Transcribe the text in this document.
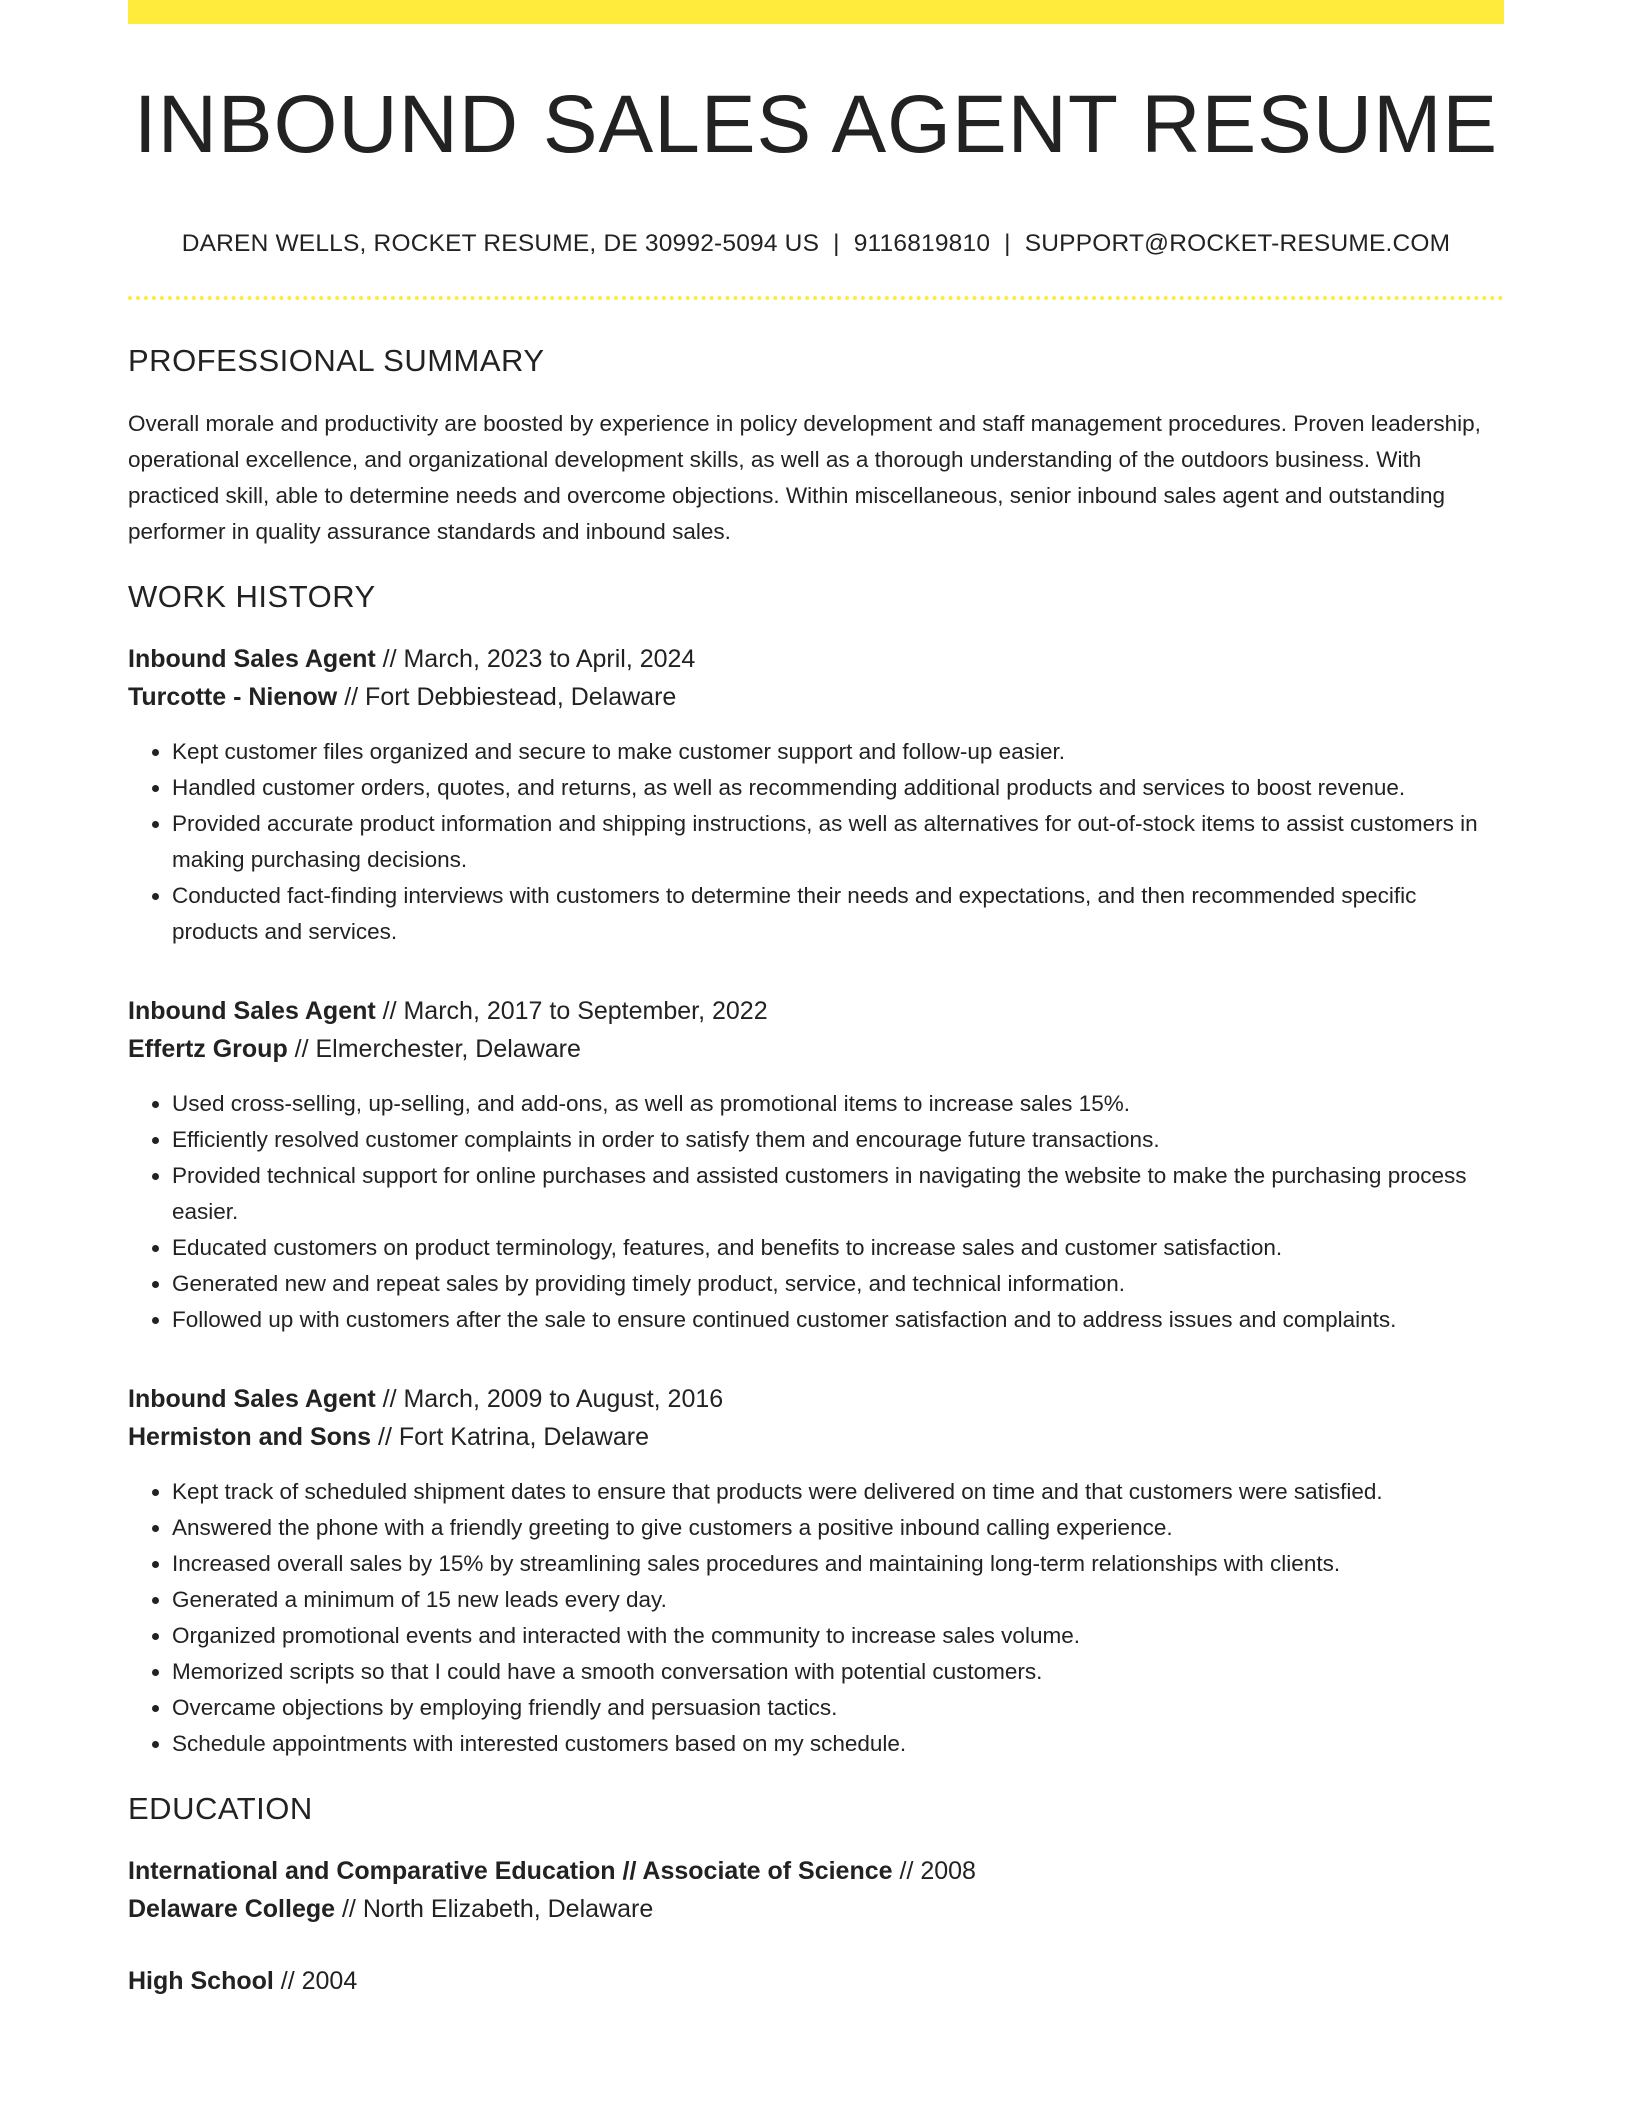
INBOUND SALES AGENT RESUME
DAREN WELLS, ROCKET RESUME, DE 30992-5094 US | 9116819810 | SUPPORT@ROCKET-RESUME.COM
PROFESSIONAL SUMMARY

Overall morale and productivity are boosted by experience in policy development and staff management procedures. Proven leadership, operational excellence, and organizational development skills, as well as a thorough understanding of the outdoors business. With practiced skill, able to determine needs and overcome objections. Within miscellaneous, senior inbound sales agent and outstanding performer in quality assurance standards and inbound sales.

WORK HISTORY
Inbound Sales Agent // March, 2023 to April, 2024
Turcotte - Nienow // Fort Debbiestead, Delaware
• Kept customer files organized and secure to make customer support and follow-up easier.
• Handled customer orders, quotes, and returns, as well as recommending additional products and services to boost revenue.
• Provided accurate product information and shipping instructions, as well as alternatives for out-of-stock items to assist customers in making purchasing decisions.
• Conducted fact-finding interviews with customers to determine their needs and expectations, and then recommended specific products and services.
Inbound Sales Agent // March, 2017 to September, 2022
Effertz Group // Elmerchester, Delaware
• Used cross-selling, up-selling, and add-ons, as well as promotional items to increase sales 15%.
• Efficiently resolved customer complaints in order to satisfy them and encourage future transactions.
• Provided technical support for online purchases and assisted customers in navigating the website to make the purchasing process easier.
• Educated customers on product terminology, features, and benefits to increase sales and customer satisfaction.
• Generated new and repeat sales by providing timely product, service, and technical information.
• Followed up with customers after the sale to ensure continued customer satisfaction and to address issues and complaints.
Inbound Sales Agent // March, 2009 to August, 2016
Hermiston and Sons // Fort Katrina, Delaware
• Kept track of scheduled shipment dates to ensure that products were delivered on time and that customers were satisfied.
• Answered the phone with a friendly greeting to give customers a positive inbound calling experience.
• Increased overall sales by 15% by streamlining sales procedures and maintaining long-term relationships with clients.
• Generated a minimum of 15 new leads every day.
• Organized promotional events and interacted with the community to increase sales volume.
• Memorized scripts so that I could have a smooth conversation with potential customers.
• Overcame objections by employing friendly and persuasion tactics.
• Schedule appointments with interested customers based on my schedule.
EDUCATION
International and Comparative Education // Associate of Science // 2008
Delaware College // North Elizabeth, Delaware
High School // 2004
